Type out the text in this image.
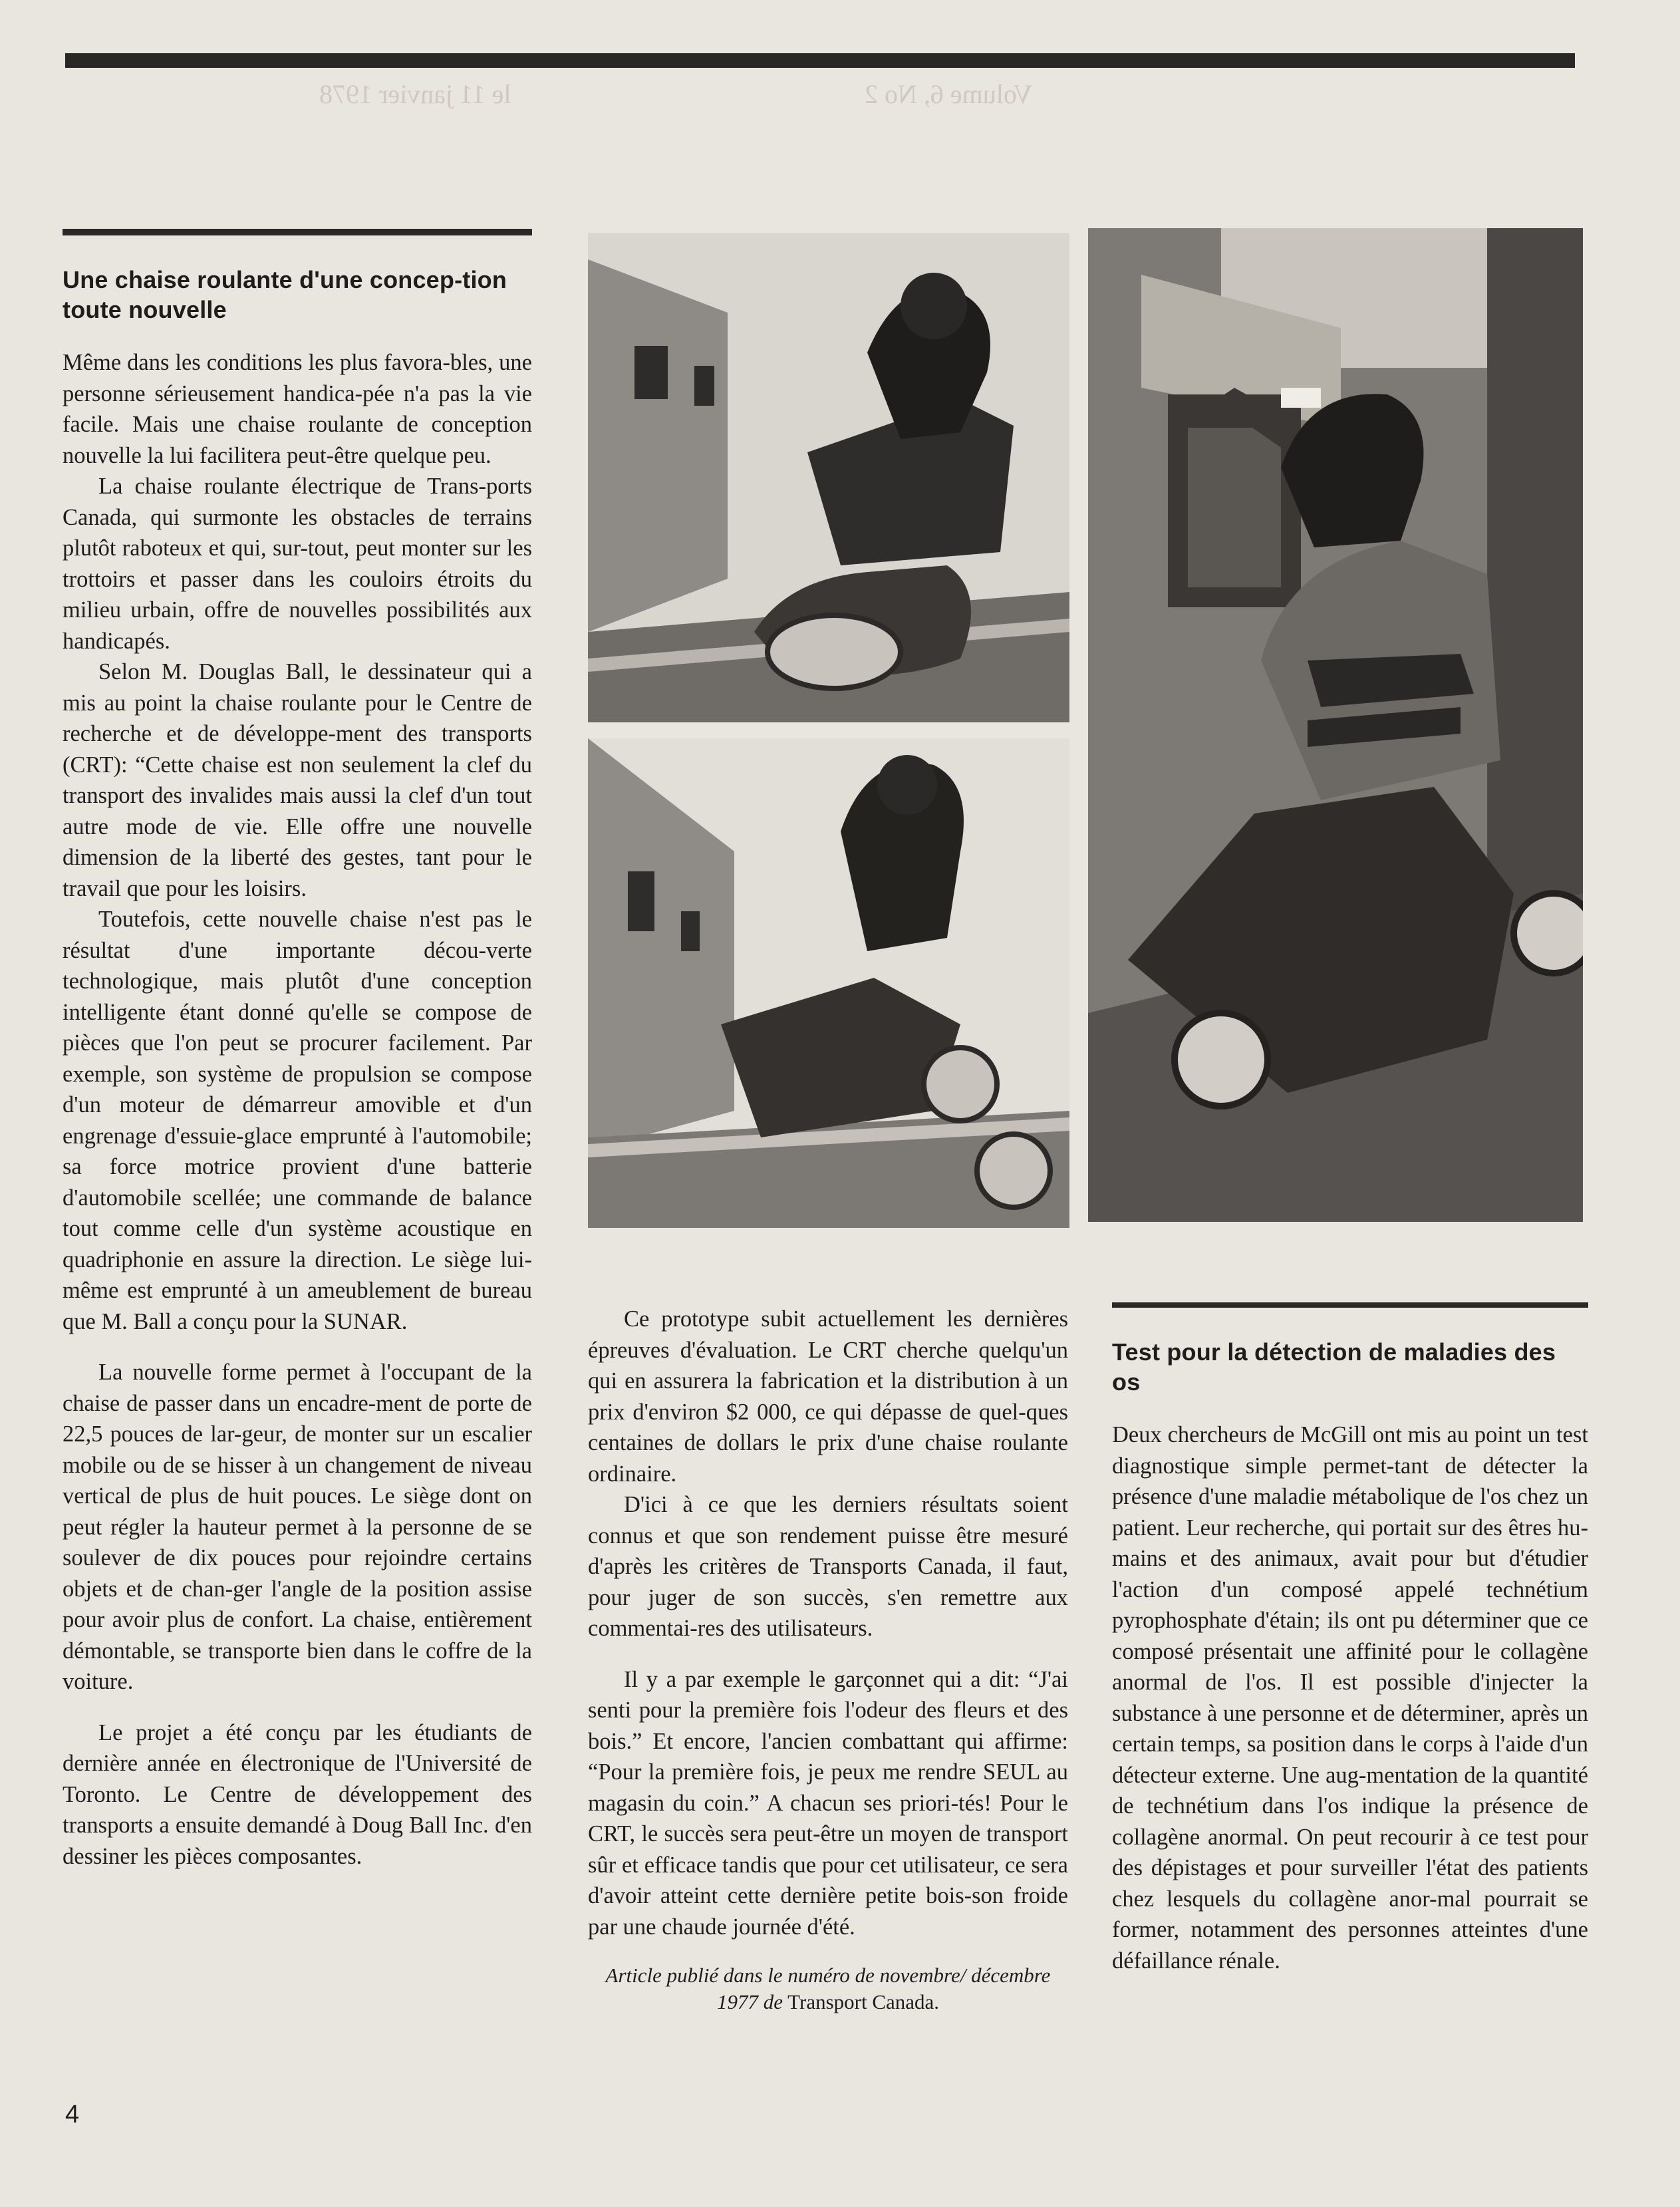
le 11 janvier 1978	Volume 6, No 2
Une chaise roulante d'une concep-tion toute nouvelle

Même dans les conditions les plus favora-bles, une personne sérieusement handica-pée n'a pas la vie facile. Mais une chaise roulante de conception nouvelle la lui facilitera peut-être quelque peu.

La chaise roulante électrique de Trans-ports Canada, qui surmonte les obstacles de terrains plutôt raboteux et qui, sur-tout, peut monter sur les trottoirs et passer dans les couloirs étroits du milieu urbain, offre de nouvelles possibilités aux handicapés.

Selon M. Douglas Ball, le dessinateur qui a mis au point la chaise roulante pour le Centre de recherche et de développe-ment des transports (CRT): “Cette chaise est non seulement la clef du transport des invalides mais aussi la clef d'un tout autre mode de vie. Elle offre une nouvelle dimension de la liberté des gestes, tant pour le travail que pour les loisirs.

Toutefois, cette nouvelle chaise n'est pas le résultat d'une importante décou-verte technologique, mais plutôt d'une conception intelligente étant donné qu'elle se compose de pièces que l'on peut se procurer facilement. Par exemple, son système de propulsion se compose d'un moteur de démarreur amovible et d'un engrenage d'essuie-glace emprunté à l'automobile; sa force motrice provient d'une batterie d'automobile scellée; une commande de balance tout comme celle d'un système acoustique en quadriphonie en assure la direction. Le siège lui-même est emprunté à un ameublement de bureau que M. Ball a conçu pour la SUNAR.

La nouvelle forme permet à l'occupant de la chaise de passer dans un encadre-ment de porte de 22,5 pouces de lar-geur, de monter sur un escalier mobile ou de se hisser à un changement de niveau vertical de plus de huit pouces. Le siège dont on peut régler la hauteur permet à la personne de se soulever de dix pouces pour rejoindre certains objets et de chan-ger l'angle de la position assise pour avoir plus de confort. La chaise, entièrement démontable, se transporte bien dans le coffre de la voiture.

Le projet a été conçu par les étudiants de dernière année en électronique de l'Université de Toronto. Le Centre de développement des transports a ensuite demandé à Doug Ball Inc. d'en dessiner les pièces composantes.

Ce prototype subit actuellement les dernières épreuves d'évaluation. Le CRT cherche quelqu'un qui en assurera la fabrication et la distribution à un prix d'environ $2 000, ce qui dépasse de quel-ques centaines de dollars le prix d'une chaise roulante ordinaire.

D'ici à ce que les derniers résultats soient connus et que son rendement puisse être mesuré d'après les critères de Transports Canada, il faut, pour juger de son succès, s'en remettre aux commentai-res des utilisateurs.

Il y a par exemple le garçonnet qui a dit: “J'ai senti pour la première fois l'odeur des fleurs et des bois.” Et encore, l'ancien combattant qui affirme: “Pour la première fois, je peux me rendre SEUL au magasin du coin.” A chacun ses priori-tés! Pour le CRT, le succès sera peut-être un moyen de transport sûr et efficace tandis que pour cet utilisateur, ce sera d'avoir atteint cette dernière petite bois-son froide par une chaude journée d'été.

Article publié dans le numéro de novembre/ décembre 1977 de Transport Canada.

Test pour la détection de maladies des os

Deux chercheurs de McGill ont mis au point un test diagnostique simple permet-tant de détecter la présence d'une maladie métabolique de l'os chez un patient. Leur recherche, qui portait sur des êtres hu-mains et des animaux, avait pour but d'étudier l'action d'un composé appelé technétium pyrophosphate d'étain; ils ont pu déterminer que ce composé présentait une affinité pour le collagène anormal de l'os. Il est possible d'injecter la substance à une personne et de déterminer, après un certain temps, sa position dans le corps à l'aide d'un détecteur externe. Une aug-mentation de la quantité de technétium dans l'os indique la présence de collagène anormal. On peut recourir à ce test pour des dépistages et pour surveiller l'état des patients chez lesquels du collagène anor-mal pourrait se former, notamment des personnes atteintes d'une défaillance rénale.

4
